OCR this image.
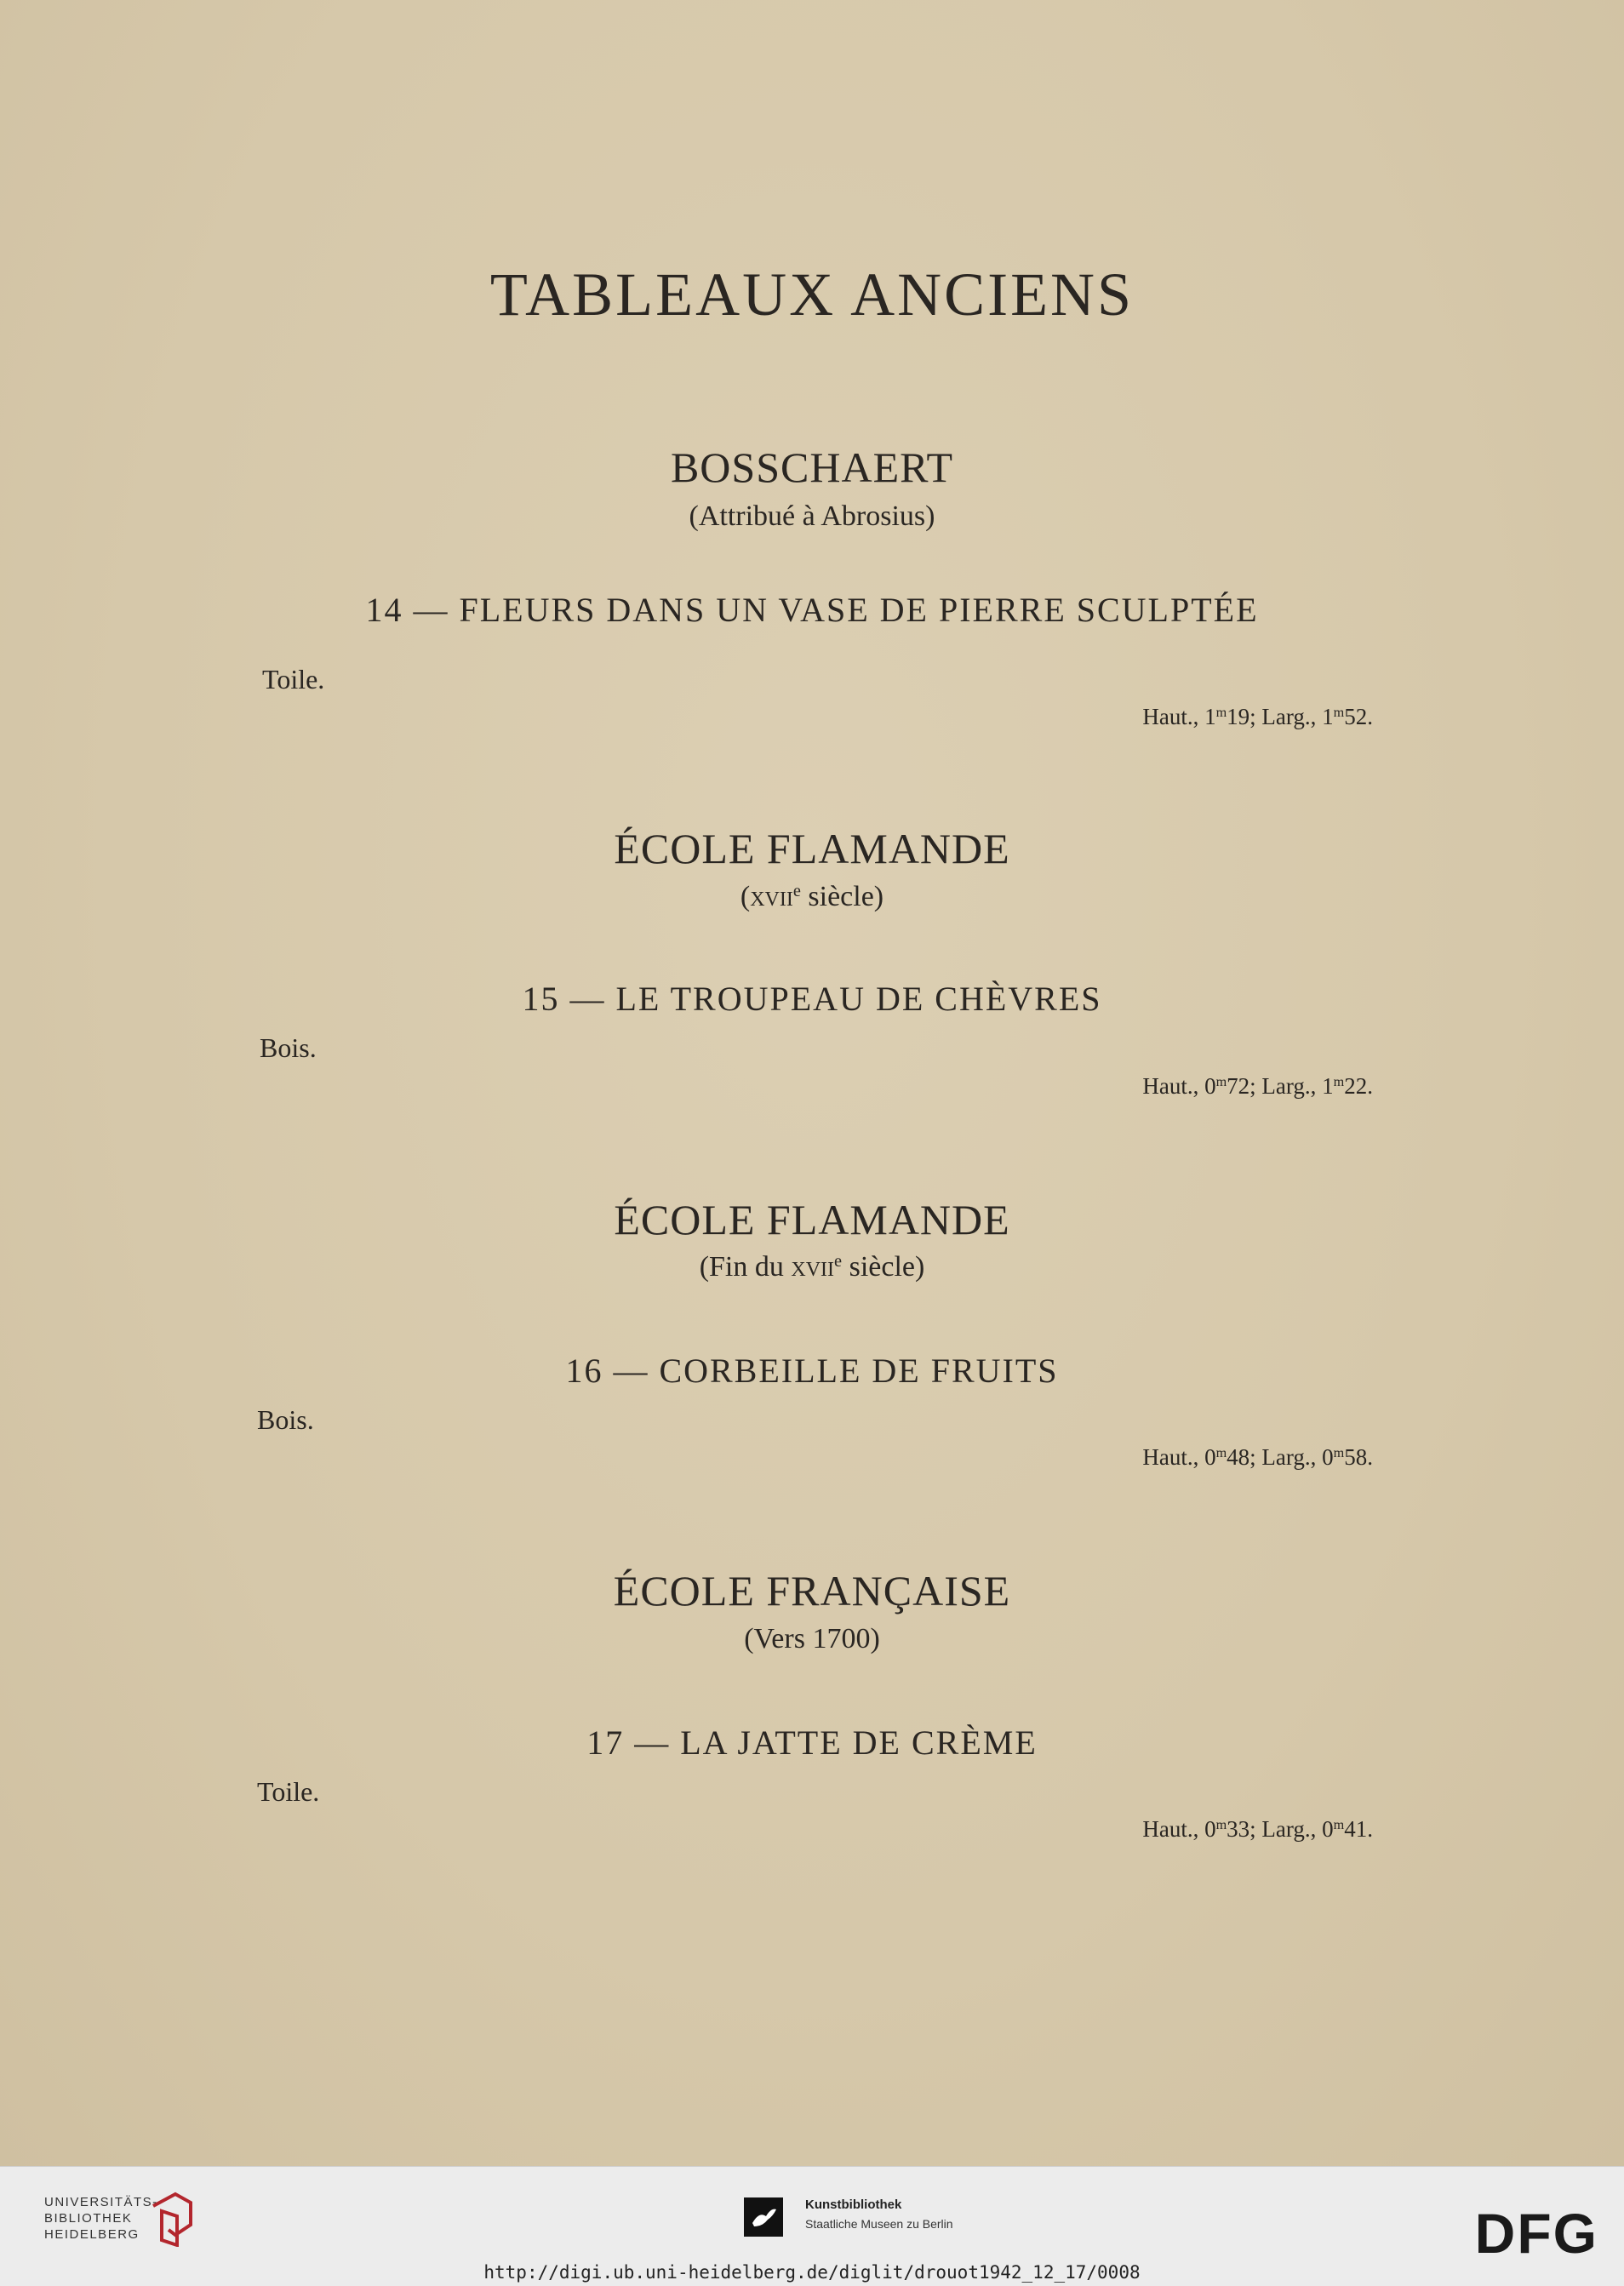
TABLEAUX ANCIENS
BOSSCHAERT
(Attribué à Abrosius)
14 — FLEURS DANS UN VASE DE PIERRE SCULPTÉE
Toile.
Haut., 1$^m$19; Larg., 1$^m$52.
ÉCOLE FLAMANDE
(xvii$^e$ siècle)
15 — LE TROUPEAU DE CHÈVRES
Bois.
Haut., 0$^m$72; Larg., 1$^m$22.
ÉCOLE FLAMANDE
(Fin du xvii$^e$ siècle)
16 — CORBEILLE DE FRUITS
Bois.
Haut., 0$^m$48; Larg., 0$^m$58.
ÉCOLE FRANÇAISE
(Vers 1700)
17 — LA JATTE DE CRÈME
Toile.
Haut., 0$^m$33; Larg., 0$^m$41.
UNIVERSITÄTS-
BIBLIOTHEK
HEIDELBERG
Kunstbibliothek
Staatliche Museen zu Berlin	DFG
http://digi.ub.uni-heidelberg.de/diglit/drouot1942_12_17/0008
